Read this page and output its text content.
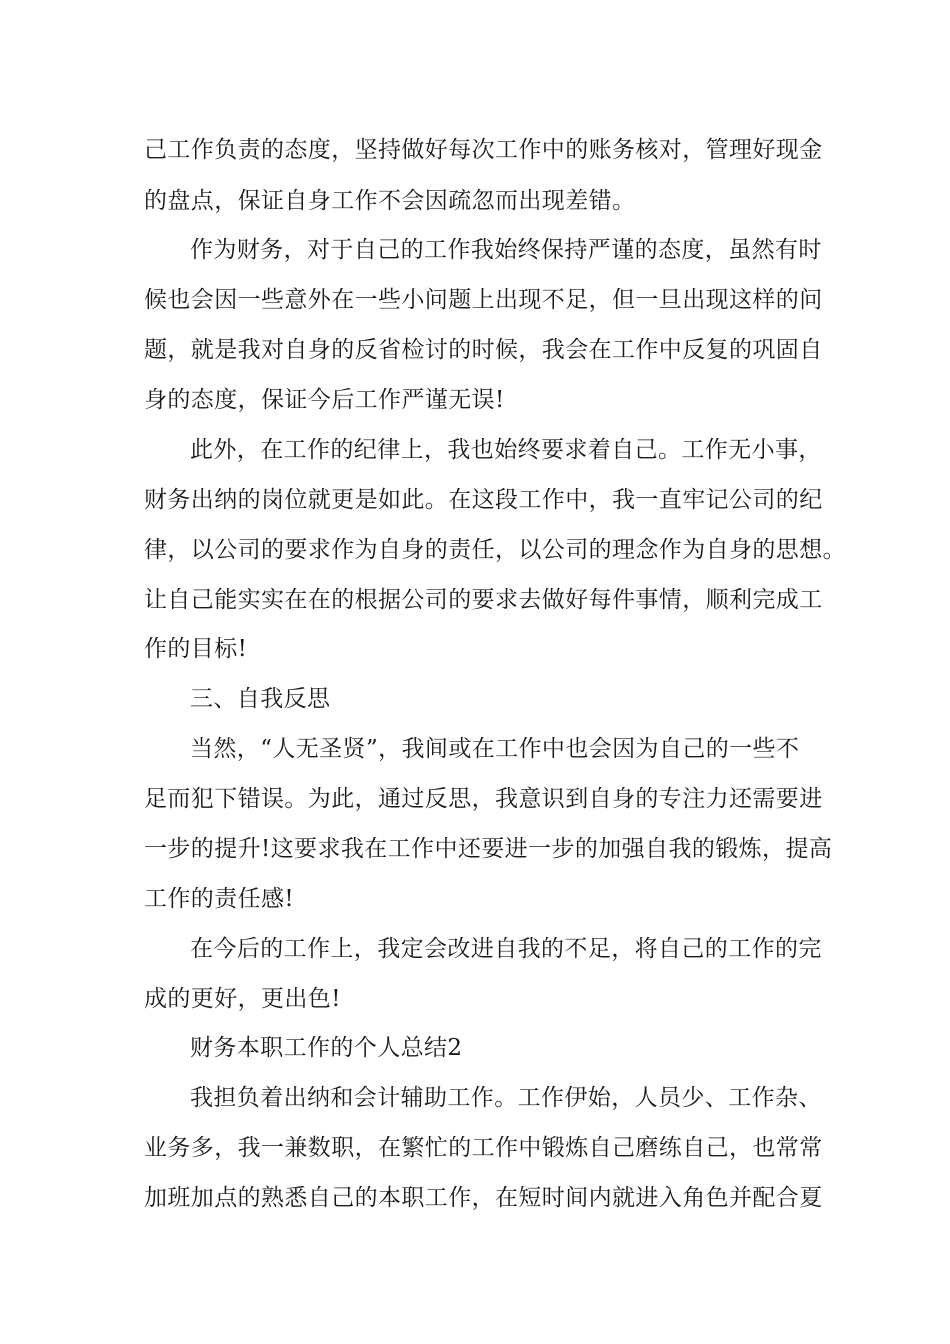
己工作负责的态度，坚持做好每次工作中的账务核对，管理好现金
的盘点，保证自身工作不会因疏忽而出现差错。
作为财务，对于自己的工作我始终保持严谨的态度，虽然有时
候也会因一些意外在一些小问题上出现不足，但一旦出现这样的问
题，就是我对自身的反省检讨的时候，我会在工作中反复的巩固自
身的态度，保证今后工作严谨无误!
此外，在工作的纪律上，我也始终要求着自己。工作无小事，
财务出纳的岗位就更是如此。在这段工作中，我一直牢记公司的纪
律，以公司的要求作为自身的责任，以公司的理念作为自身的思想。
让自己能实实在在的根据公司的要求去做好每件事情，顺利完成工
作的目标!
三、自我反思
当然，“人无圣贤”，我间或在工作中也会因为自己的一些不
足而犯下错误。为此，通过反思，我意识到自身的专注力还需要进
一步的提升!这要求我在工作中还要进一步的加强自我的锻炼，提高
工作的责任感!
在今后的工作上，我定会改进自我的不足，将自己的工作的完
成的更好，更出色!
财务本职工作的个人总结2
我担负着出纳和会计辅助工作。工作伊始，人员少、工作杂、
业务多，我一兼数职，在繁忙的工作中锻炼自己磨练自己，也常常
加班加点的熟悉自己的本职工作，在短时间内就进入角色并配合夏
